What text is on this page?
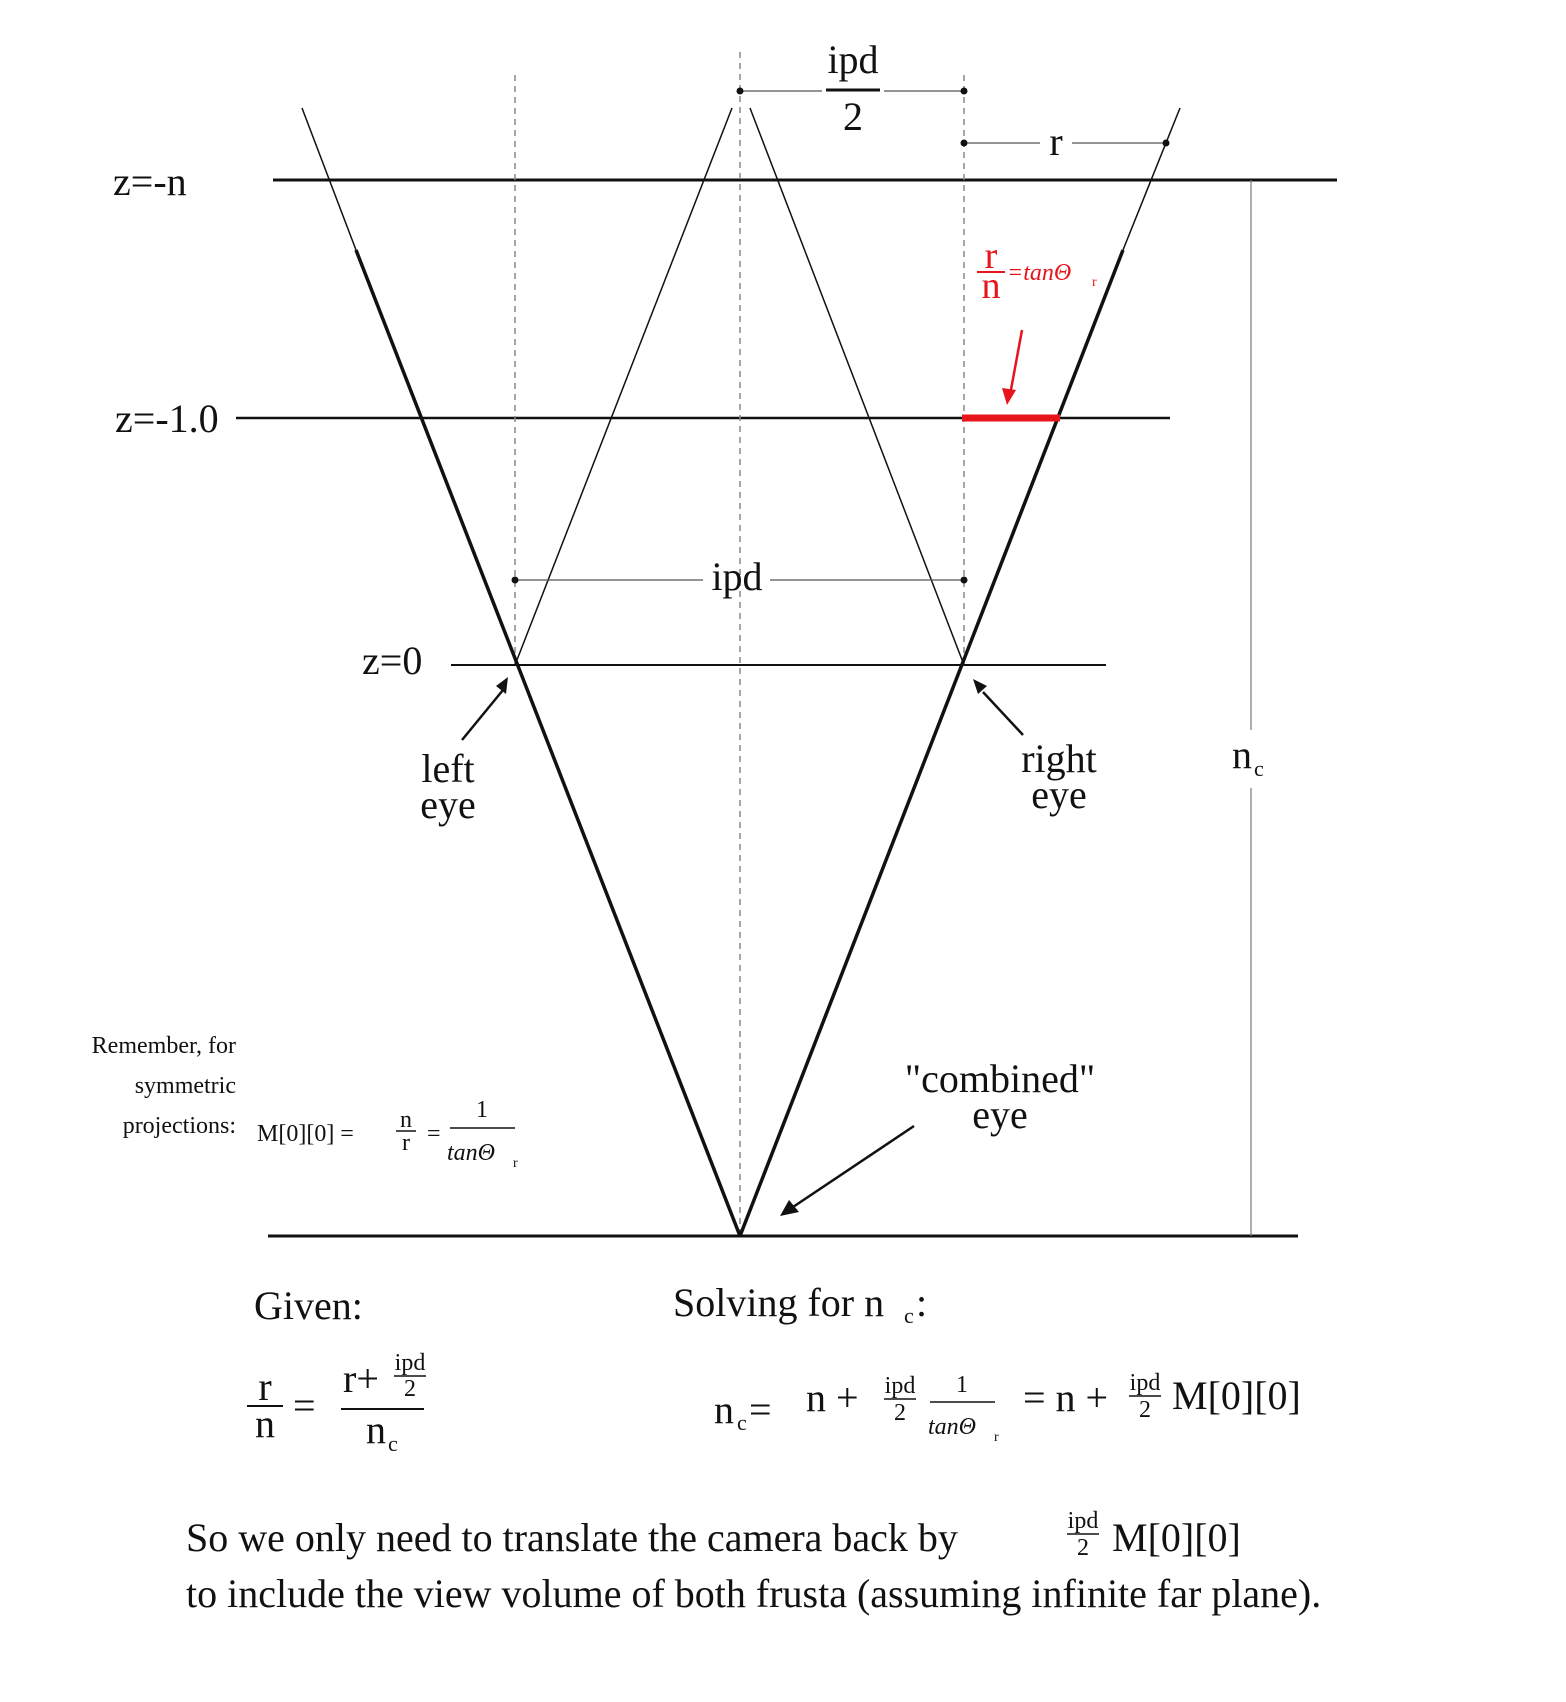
z=-n
z=-1.0
z=0
left
eye
right
eye
"combined"
eye
ipd
ipd
2
r
n c
r
n =tanΘ r
Remember, for
symmetric
projections: M[0][0] =
n
r =
1
tanΘ r
Given:
r
n =
r+ ipd
2
n c
Solving for n c :
n c = n + ipd
2
1
tanΘ r
= n + ipd
2 M[0][0]
So we only need to translate the camera back by	ipd
2 M[0][0]
to include the view volume of both frusta (assuming infinite far plane).
